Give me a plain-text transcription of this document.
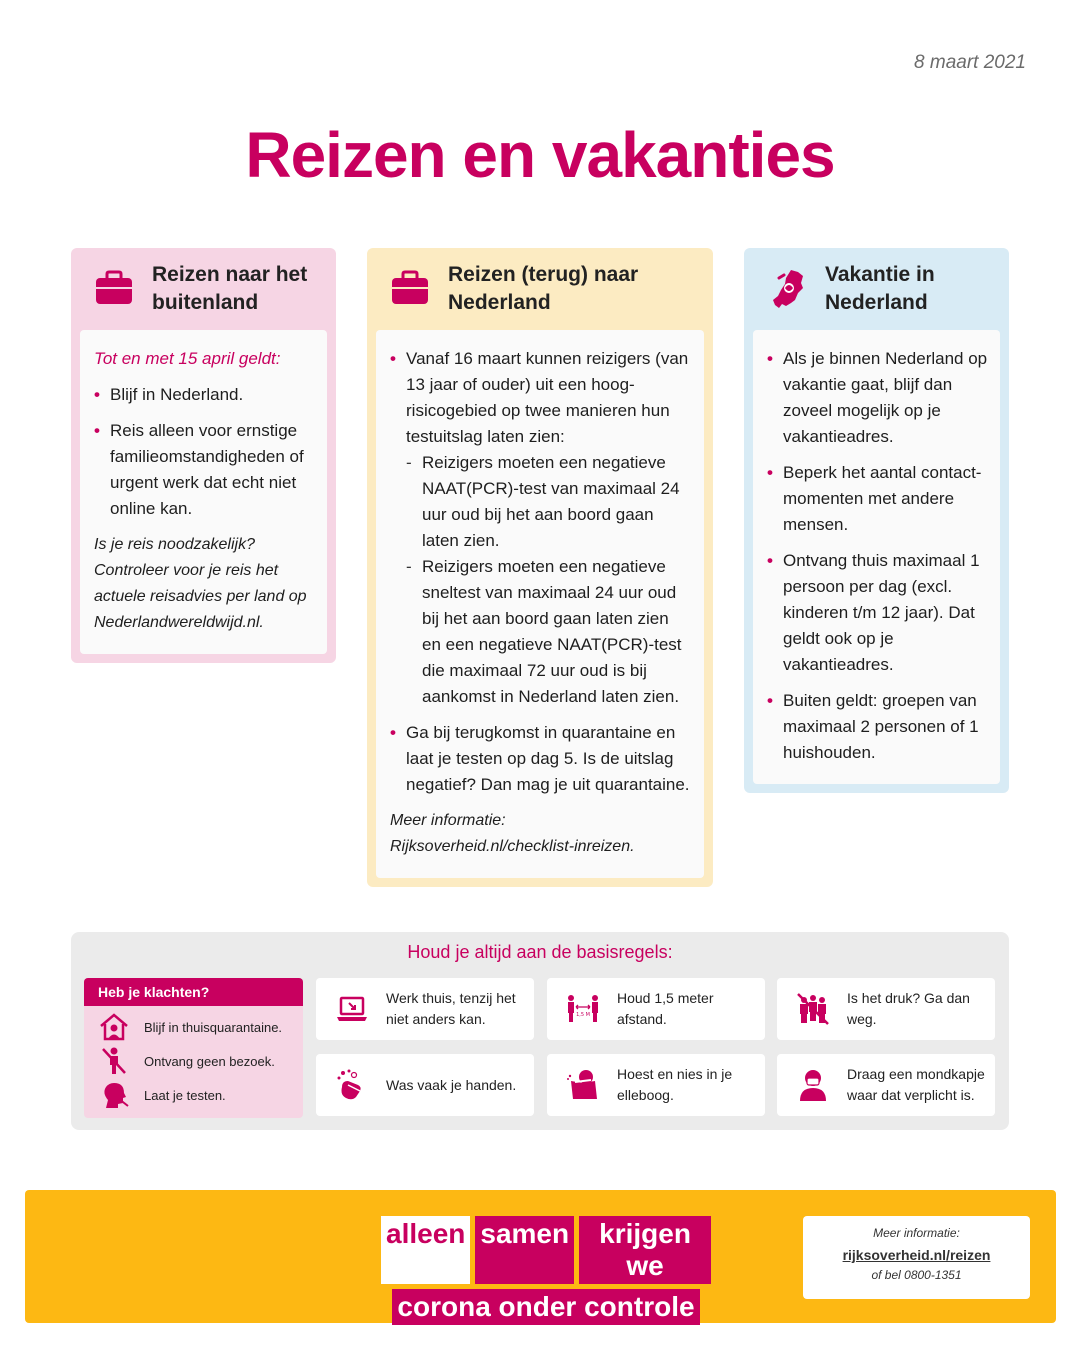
8 maart 2021
Reizen en vakanties
Reizen naar het buitenland

Tot en met 15 april geldt:

• Blijf in Nederland.
• Reis alleen voor ernstige familieomstandigheden of urgent werk dat echt niet online kan.

Is je reis noodzakelijk? Controleer voor je reis het actuele reisadvies per land op Nederlandwereldwijd.nl.

Reizen (terug) naar Nederland
• Vanaf 16 maart kunnen reizigers (van 13 jaar of ouder) uit een hoog-risicogebied op twee manieren hun testuitslag laten zien:
- Reizigers moeten een negatieve NAAT(PCR)-test van maximaal 24 uur oud bij het aan boord gaan laten zien.
- Reizigers moeten een negatieve sneltest van maximaal 24 uur oud bij het aan boord gaan laten zien en een negatieve NAAT(PCR)-test die maximaal 72 uur oud is bij aankomst in Nederland laten zien.
• Ga bij terugkomst in quarantaine en laat je testen op dag 5. Is de uitslag negatief? Dan mag je uit quarantaine.

Meer informatie: Rijksoverheid.nl/checklist-inreizen.

Vakantie in Nederland
• Als je binnen Nederland op vakantie gaat, blijf dan zoveel mogelijk op je vakantieadres.
• Beperk het aantal contact-momenten met andere mensen.
• Ontvang thuis maximaal 1 persoon per dag (excl. kinderen t/m 12 jaar). Dat geldt ook op je vakantieadres.
• Buiten geldt: groepen van maximaal 2 personen of 1 huishouden.
Houd je altijd aan de basisregels:
Heb je klachten?
Blijf in thuisquarantaine.
Ontvang geen bezoek.
Laat je testen.
Werk thuis, tenzij het niet anders kan.	1,5 M
Houd 1,5 meter afstand.
Is het druk? Ga dan weg.
Was vaak je handen.
Hoest en nies in je elleboog.
Draag een mondkapje waar dat verplicht is.
alleen samen	krijgen we
corona onder controle
Meer informatie:
rijksoverheid.nl/reizen
of bel 0800-1351
